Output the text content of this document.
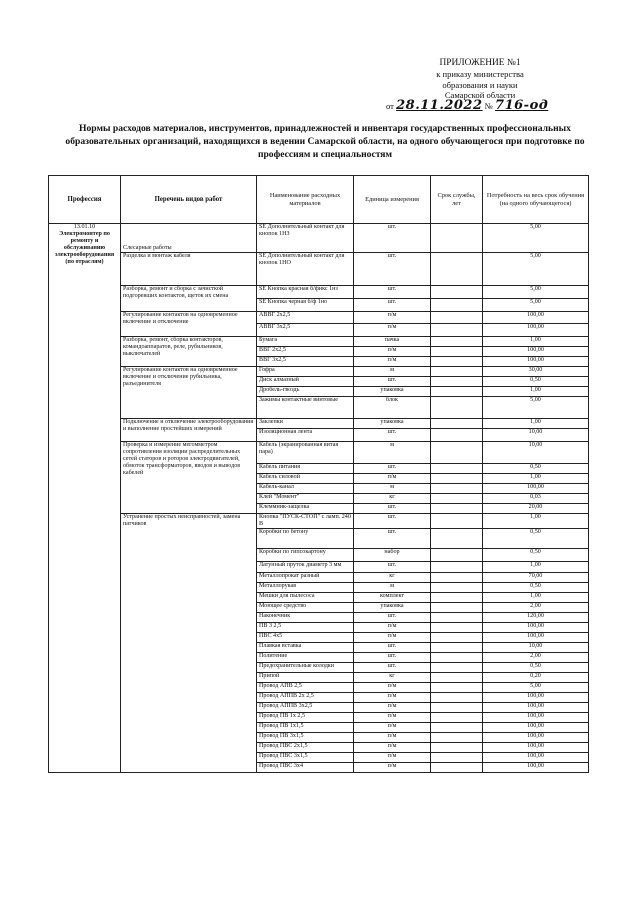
ПРИЛОЖЕНИЕ №1
к приказу министерства
образования и науки
Самарской области
от 28.11.2022 № 716-од
Нормы расходов материалов, инструментов, принадлежностей и инвентаря государственных профессиональных образовательных организаций, находящихся в ведении Самарской области, на одного обучающегося при подготовке по профессиям и специальностям
Профессия	Перечень видов работ	Наименование расходных материалов	Единица измерения	Срок службы, лет	Потребность на весь срок обучения (на одного обучающегося)

13.01.10
Электромонтер по ремонту и обслуживанию электрооборудования (по отраслям)	Слесарные работы	SE Дополнительный контакт для кнопок 1НЗ	шт.		5,00
	Разделка и монтаж кабеля	SE Дополнительный контакт для кнопок 1НО	шт.		5,00
	Разборка, ремонт и сборка с зачисткой подгоревших контактов, щеток их смена	SE Кнопка красная б/фикс 1нз	шт.		5,00
		SE Кнопка черная б/ф 1но	шт.		5,00
	Регулирование контактов на одновременное включение и отключение	АВВГ 2х2,5	п/м		100,00
		АВВГ 3х2,5	п/м		100,00
	Разборка, ремонт, сборка контакторов, командоаппаратов, реле, рубильников, выключателей	Бумага	пачка		1,00
		ВВГ 2х2,5	п/м		100,00
		ВВГ 3х2,5	п/м		100,00
	Регулирование контактов на одновременное включение и отключение рубильника, разъединителя	Гофра	м		30,00
		Диск алмазный	шт.		0,50
		Дробель-гвоздь	упаковка		1,00
		Зажимы контактные винтовые	блок		5,00
	Подключение и отключение электрооборудования и выполнение простейших измерений	Заклепки	упаковка		1,00
		Изоляционная лента	шт.		10,00
	Проверка и измерение мегомметром сопротивления изоляции распределительных сетей статоров и роторов электродвигателей, обмоток трансформаторов, вводов и выводов кабелей	Кабель (экранированная витая пара)	м		10,00
		Кабель питания	шт.		0,50
		Кабель силовой	п/м		1,00
		Кабель-канал	м		100,00
		Клей "Момент"	кг		0,03
		Клеммник-защелка	шт.		20,00
	Устранение простых неисправностей, замена патчиков	Кнопка "ПУСК-СТОП" с ламп. 240 В	шт.		1,00
		Коробки по бетону	шт.		0,50
		Коробки по гипсокартону	набор		0,50
		Латунный пруток диаметр 3 мм	шт.		1,00
		Металлопрокат разный	кг		70,00
		Металлорукав	м		0,50
		Мешки для пылесоса	комплект		1,00
		Моющее средство	упаковка		2,00
		Наконечник	шт.		120,00
		ПВ 3 2,5	п/м		100,00
		ПВС 4х5	п/м		100,00
		Плавкая вставка	шт.		10,00
		Политение	шт.		2,00
		Предохранительные колодки	шт.		0,50
		Припой	кг		0,20
		Провод АПВ 2,5	п/м		5,00
		Провод АППВ 2х 2,5	п/м		100,00
		Провод АППВ 3х2,5	п/м		100,00
		Провод ПВ 1х 2,5	п/м		100,00
		Провод ПВ 1х1,5	п/м		100,00
		Провод ПВ 3х1,5	п/м		100,00
		Провод ПВС 2х1,5	п/м		100,00
		Провод ПВС 3х1,5	п/м		100,00
		Провод ПВС 3х4	п/м		100,00
